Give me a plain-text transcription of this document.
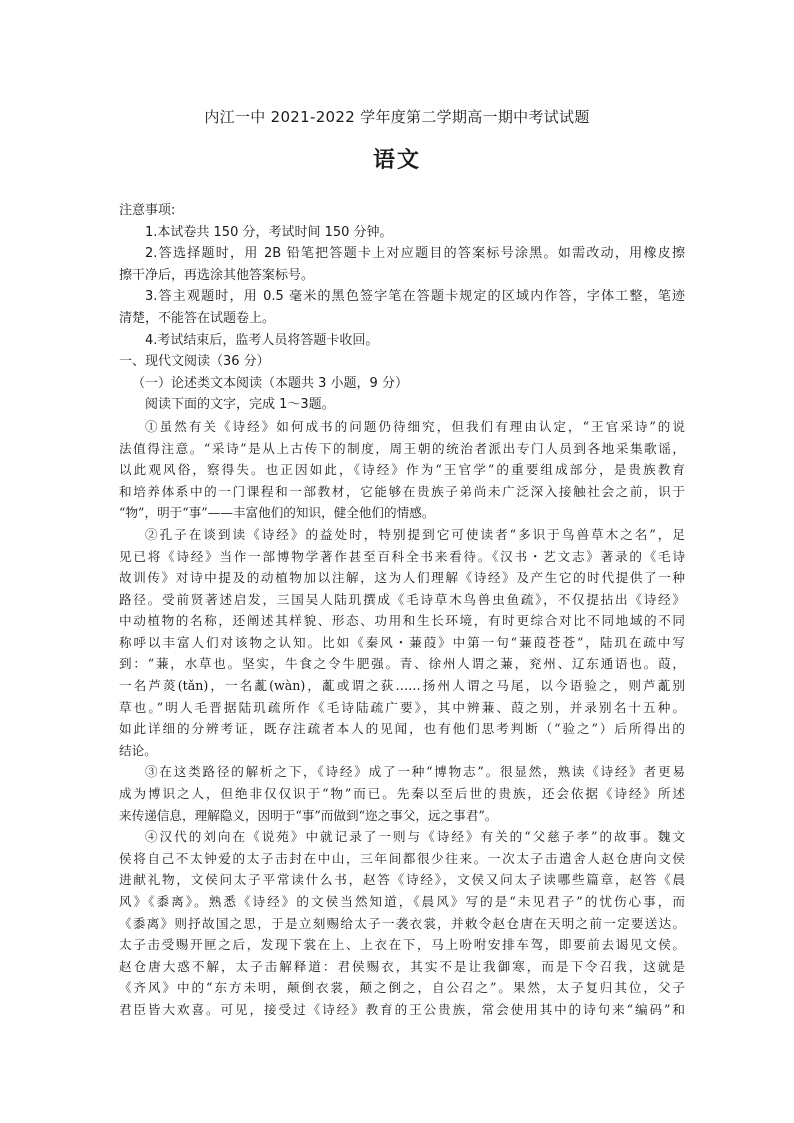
内江一中 2021-2022 学年度第二学期高一期中考试试题
语文
注意事项:
1.本试卷共 150 分，考试时间 150 分钟。
2.答选择题时，用 2B 铅笔把答题卡上对应题目的答案标号涂黑。如需改动，用橡皮擦
擦干净后，再选涂其他答案标号。
3.答主观题时，用 0.5 毫米的黑色签字笔在答题卡规定的区域内作答，字体工整，笔迹
清楚，不能答在试题卷上。
4.考试结束后，监考人员将答题卡收回。
一、现代文阅读（36 分）
（一）论述类文本阅读（本题共 3 小题，9 分）
阅读下面的文字，完成 1～3题。
①虽然有关《诗经》如何成书的问题仍待细究，但我们有理由认定，“王官采诗”的说
法值得注意。“采诗”是从上古传下的制度，周王朝的统治者派出专门人员到各地采集歌谣，
以此观风俗，察得失。也正因如此，《诗经》作为“王官学”的重要组成部分，是贵族教育
和培养体系中的一门课程和一部教材，它能够在贵族子弟尚未广泛深入接触社会之前，识于
“物”，明于“事”——丰富他们的知识，健全他们的情感。
②孔子在谈到读《诗经》的益处时，特别提到它可使读者“多识于鸟兽草木之名”，足
见已将《诗经》当作一部博物学著作甚至百科全书来看待。《汉书・艺文志》著录的《毛诗
故训传》对诗中提及的动植物加以注解，这为人们理解《诗经》及产生它的时代提供了一种
路径。受前贤著述启发，三国吴人陆玑撰成《毛诗草木鸟兽虫鱼疏》，不仅提拈出《诗经》
中动植物的名称，还阐述其样貌、形态、功用和生长环境，有时更综合对比不同地域的不同
称呼以丰富人们对该物之认知。比如《秦风・蒹葭》中第一句“蒹葭苍苍”，陆玑在疏中写
到：“蒹，水草也。坚实，牛食之令牛肥强。青、徐州人谓之蒹，兖州、辽东通语也。葭，
一名芦菼(tǎn)，一名薍(wàn)，薍或谓之荻……扬州人谓之马尾，以今语验之，则芦薍别
草也。”明人毛晋据陆玑疏所作《毛诗陆疏广要》，其中辨蒹、葭之别，并录别名十五种。
如此详细的分辨考证，既存注疏者本人的见闻，也有他们思考判断（“验之”）后所得出的
结论。
③在这类路径的解析之下，《诗经》成了一种“博物志”。很显然，熟读《诗经》者更易
成为博识之人，但绝非仅仅识于“物”而已。先秦以至后世的贵族，还会依据《诗经》所述
来传递信息，理解隐义，因明于“事”而做到“迩之事父，远之事君”。
④汉代的刘向在《说苑》中就记录了一则与《诗经》有关的“父慈子孝”的故事。魏文
侯将自己不太钟爱的太子击封在中山，三年间都很少往来。一次太子击遣舍人赵仓唐向文侯
进献礼物，文侯问太子平常读什么书，赵答《诗经》，文侯又问太子读哪些篇章，赵答《晨
风》《黍离》。熟悉《诗经》的文侯当然知道，《晨风》写的是“未见君子”的忧伤心事，而
《黍离》则抒故国之思，于是立刻赐给太子一袭衣裳，并敕令赵仓唐在天明之前一定要送达。
太子击受赐开匣之后，发现下裳在上、上衣在下，马上吩咐安排车驾，即要前去谒见文侯。
赵仓唐大惑不解，太子击解释道：君侯赐衣，其实不是让我御寒，而是下令召我，这就是
《齐风》中的“东方未明，颠倒衣裳，颠之倒之，自公召之”。果然，太子复归其位，父子
君臣皆大欢喜。可见，接受过《诗经》教育的王公贵族，常会使用其中的诗句来“编码”和
